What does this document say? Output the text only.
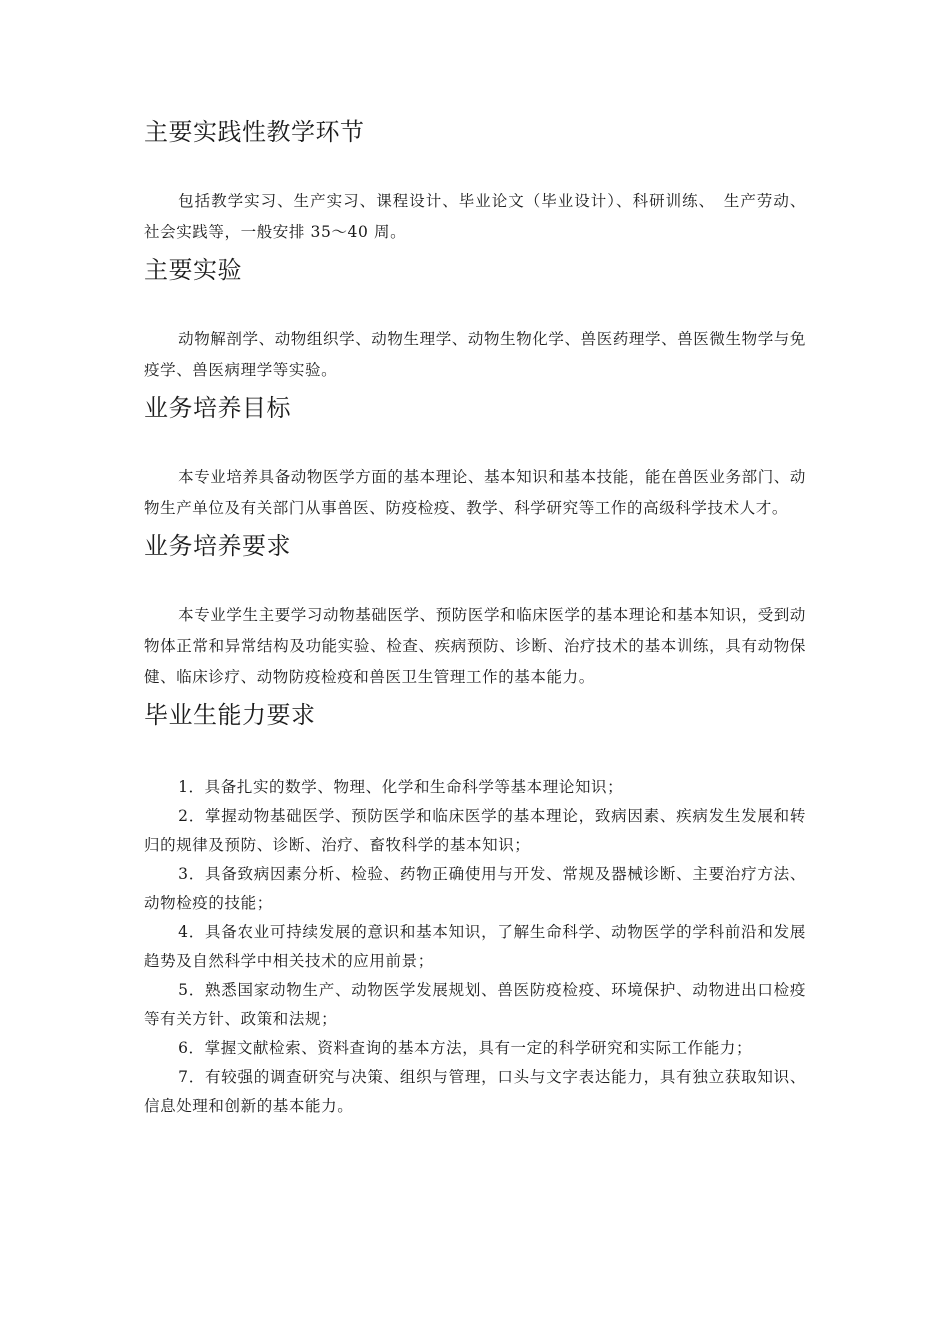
主要实践性教学环节

包括教学实习、生产实习、课程设计、毕业论文（毕业设计）、科研训练、　生产劳动、社会实践等，一般安排 35～40 周。

主要实验

动物解剖学、动物组织学、动物生理学、动物生物化学、兽医药理学、兽医微生物学与免疫学、兽医病理学等实验。

业务培养目标

本专业培养具备动物医学方面的基本理论、基本知识和基本技能，能在兽医业务部门、动物生产单位及有关部门从事兽医、防疫检疫、教学、科学研究等工作的高级科学技术人才。

业务培养要求

本专业学生主要学习动物基础医学、预防医学和临床医学的基本理论和基本知识，受到动物体正常和异常结构及功能实验、检查、疾病预防、诊断、治疗技术的基本训练，具有动物保健、临床诊疗、动物防疫检疫和兽医卫生管理工作的基本能力。

毕业生能力要求

1．具备扎实的数学、物理、化学和生命科学等基本理论知识；

2．掌握动物基础医学、预防医学和临床医学的基本理论，致病因素、疾病发生发展和转归的规律及预防、诊断、治疗、畜牧科学的基本知识；

3．具备致病因素分析、检验、药物正确使用与开发、常规及器械诊断、主要治疗方法、动物检疫的技能；

4．具备农业可持续发展的意识和基本知识，了解生命科学、动物医学的学科前沿和发展趋势及自然科学中相关技术的应用前景；

5．熟悉国家动物生产、动物医学发展规划、兽医防疫检疫、环境保护、动物进出口检疫等有关方针、政策和法规；

6．掌握文献检索、资料查询的基本方法，具有一定的科学研究和实际工作能力；

7．有较强的调查研究与决策、组织与管理，口头与文字表达能力，具有独立获取知识、信息处理和创新的基本能力。
